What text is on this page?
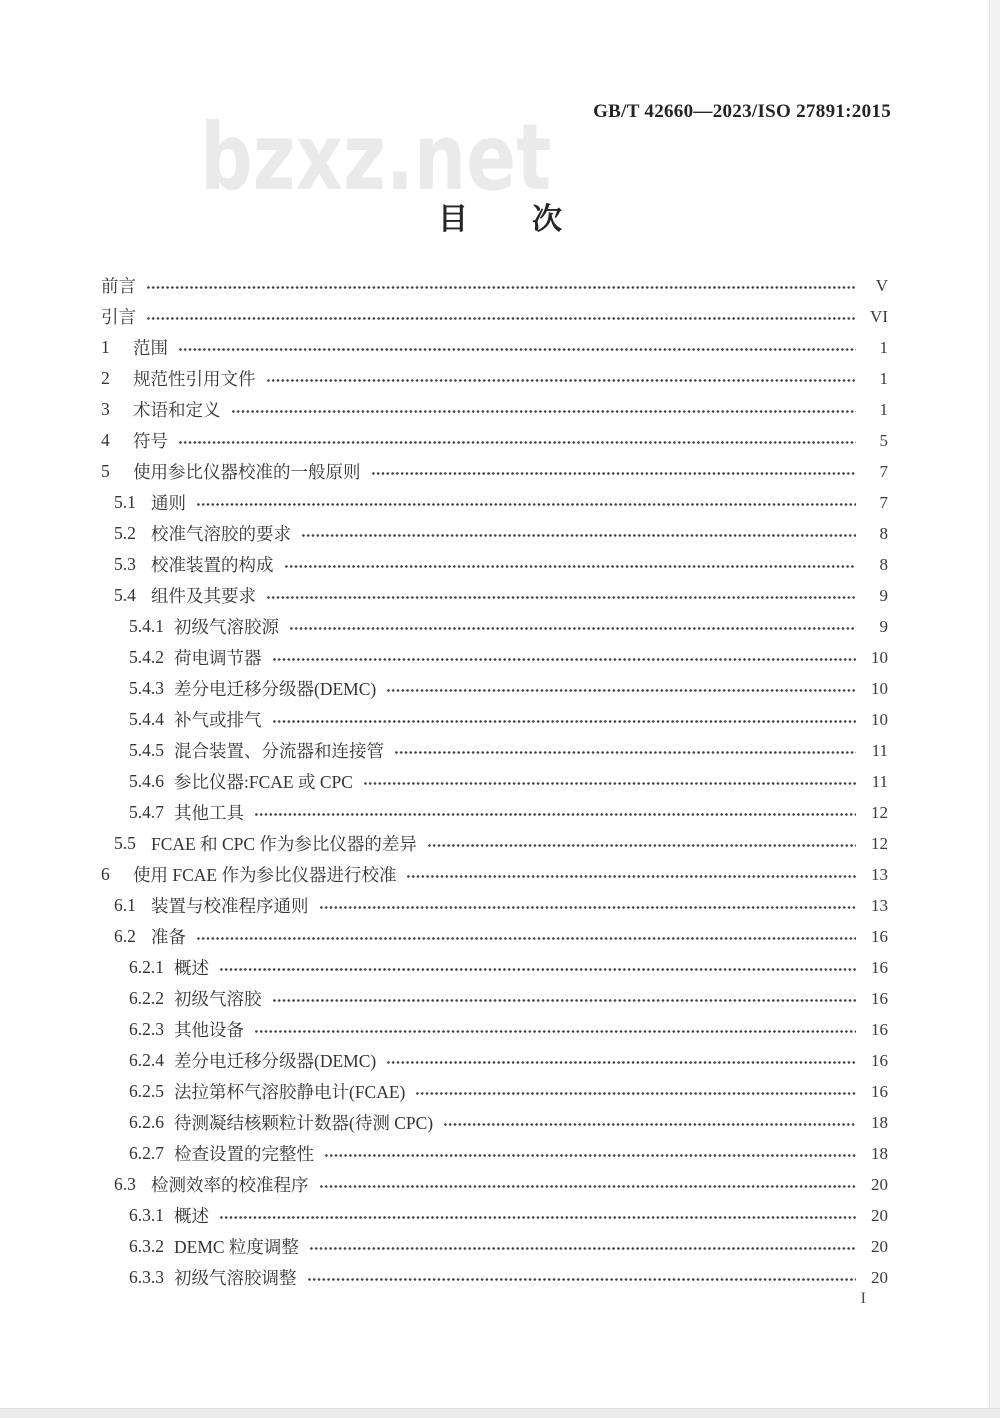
bzxz.net GB/T 42660—2023/ISO 27891:2015
目　次
前言	V
引言	VI
1	范围	1
2	规范性引用文件	1
3	术语和定义	1
4	符号	5
5	使用参比仪器校准的一般原则	7
5.1 通则	7
5.2 校准气溶胶的要求	8
5.3 校准装置的构成	8
5.4 组件及其要求	9
5.4.1 初级气溶胶源	9
5.4.2 荷电调节器	10
5.4.3 差分电迁移分级器(DEMC)	10
5.4.4 补气或排气	10
5.4.5 混合装置、分流器和连接管	11
5.4.6 参比仪器:FCAE 或 CPC	11
5.4.7 其他工具	12
5.5 FCAE 和 CPC 作为参比仪器的差异	12
6	使用 FCAE 作为参比仪器进行校准	13
6.1 装置与校准程序通则	13
6.2 准备	16
6.2.1 概述	16
6.2.2 初级气溶胶	16
6.2.3 其他设备	16
6.2.4 差分电迁移分级器(DEMC)	16
6.2.5 法拉第杯气溶胶静电计(FCAE)	16
6.2.6 待测凝结核颗粒计数器(待测 CPC)	18
6.2.7 检查设置的完整性	18
6.3 检测效率的校准程序	20
6.3.1 概述	20
6.3.2 DEMC 粒度调整	20
6.3.3 初级气溶胶调整	20
I
